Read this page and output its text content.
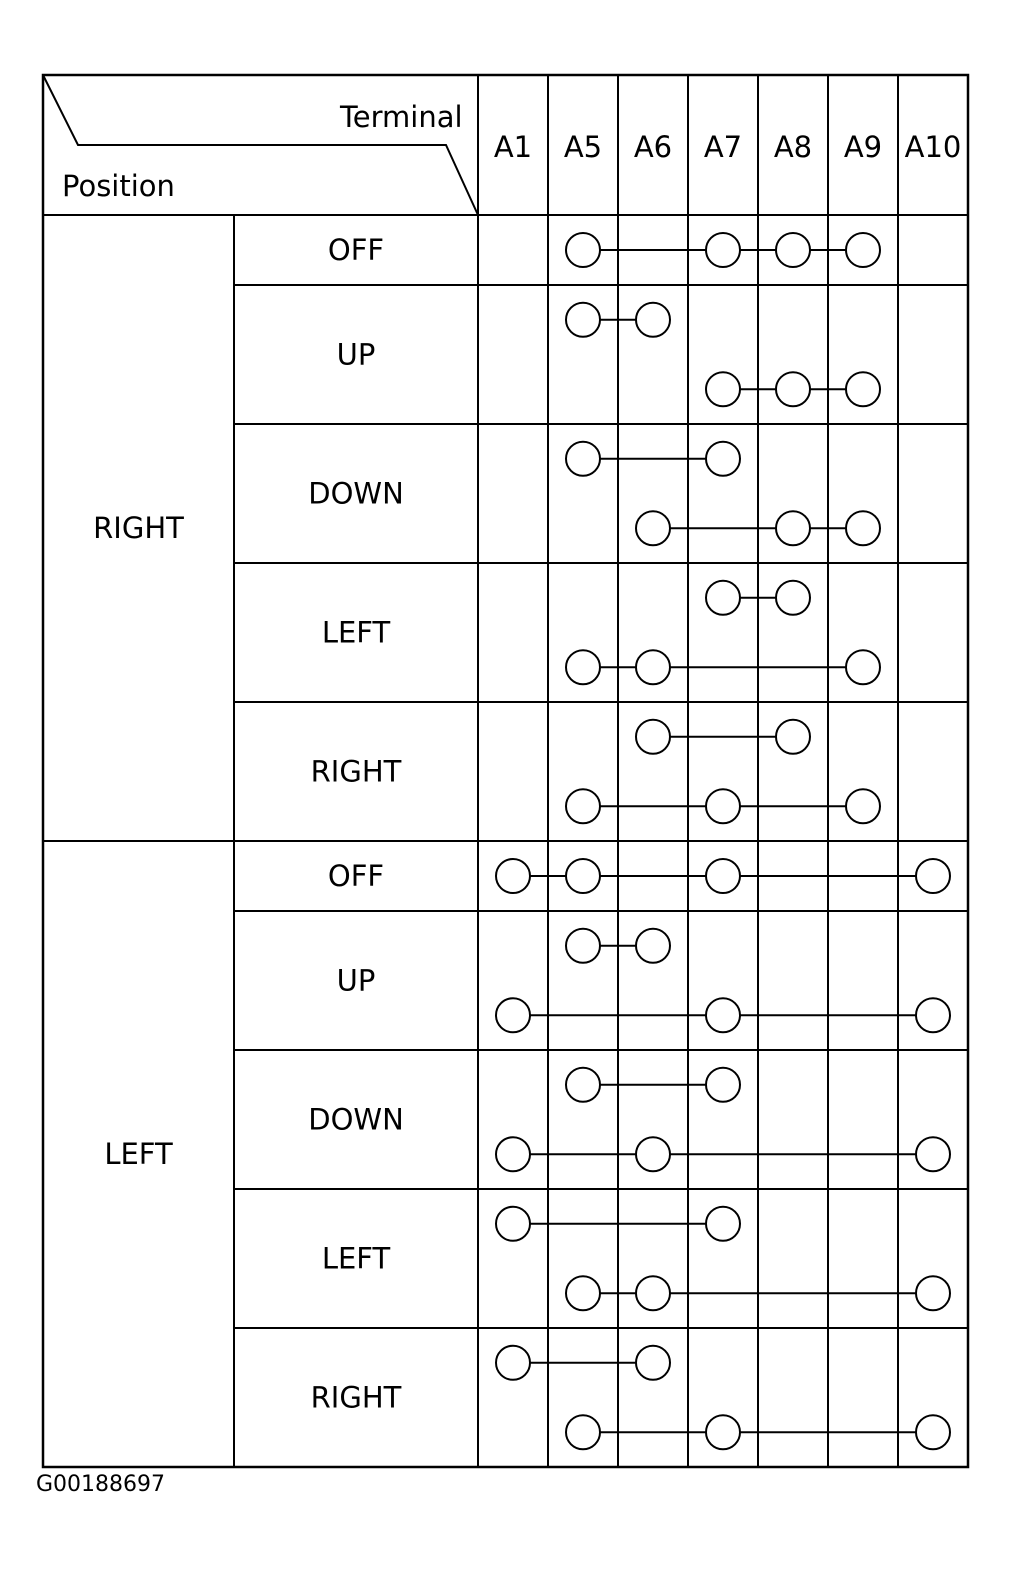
Terminal
Position
A1 A5 A6 A7 A8 A9 A10
RIGHT
LEFT
OFF
UP
DOWN
LEFT
RIGHT
OFF
UP
DOWN
LEFT
RIGHT
G00188697
